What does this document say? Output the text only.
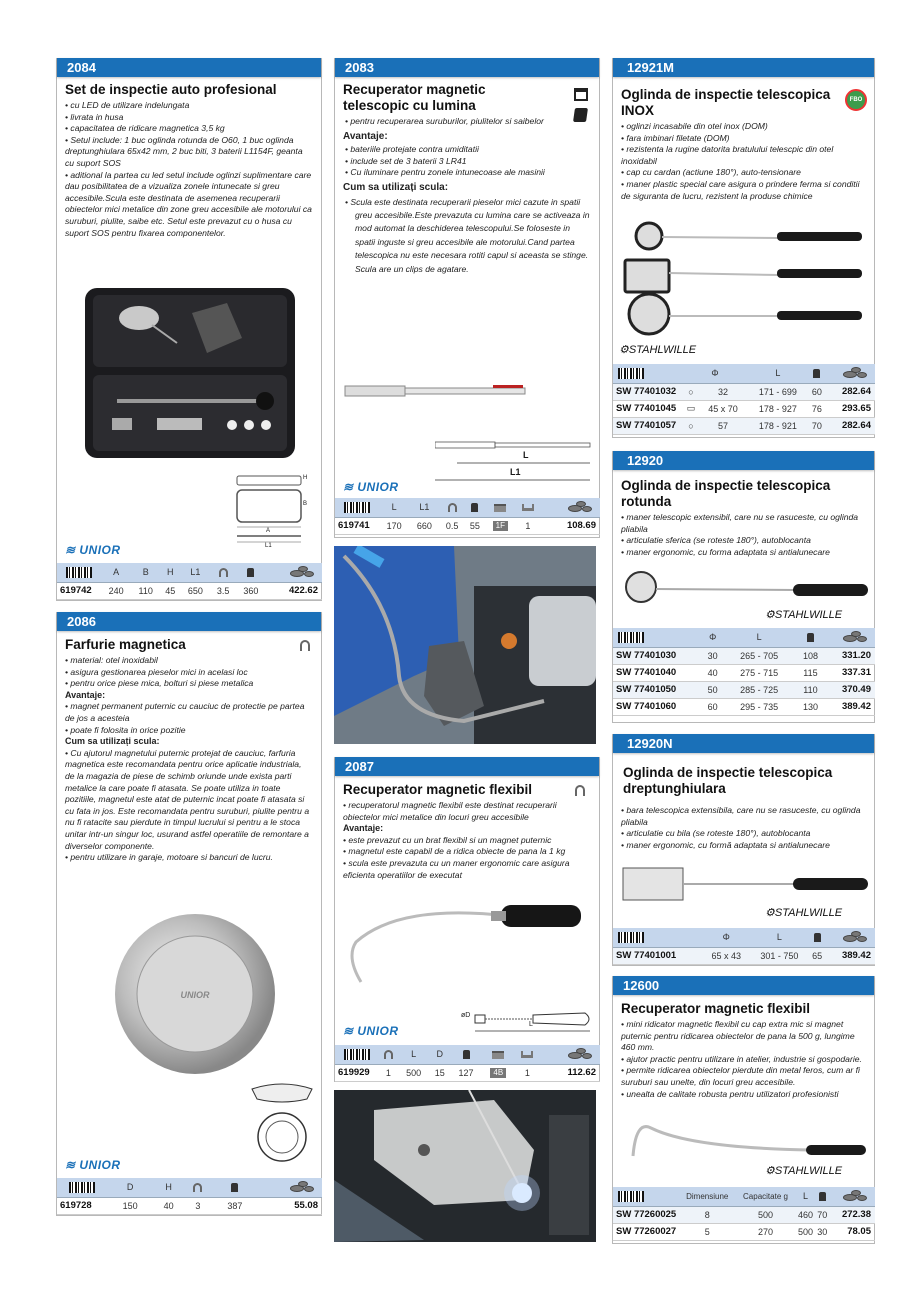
2084
Set de inspectie auto profesional
• cu LED de utilizare indelungata
• livrata in husa
• capacitatea de ridicare magnetica 3,5 kg
• Setul include: 1 buc oglinda rotunda de O60, 1 buc oglinda dreptunghiulara 65x42 mm, 2 buc biti, 3 baterii L1154F, geanta cu suport SOS
• aditional la partea cu led setul include oglinzi suplimentare care dau posibilitatea de a vizualiza zonele intunecate si greu accesibile.Scula este destinata de asemenea recuperarii obiectelor mici metalice din zone greu accesibile ale motorului ca suruburi, piulite, saibe etc. Setul este prevazut cu o husa cu suport SOS pentru fixarea componentelor.
H
B
A
L1
≋ UNIOR
	A	B	H	L1			

619742	240	110	45	650	3.5	360	422.62
2086
Farfurie magnetica
• material: otel inoxidabil
• asigura gestionarea pieselor mici in acelasi loc
• pentru orice piese mica, bolturi si piese metalica
Avantaje:
• magnet permanent puternic cu cauciuc de protectie pe partea de jos a acesteia
• poate fi folosita in orice pozitie
Cum sa utilizați scula:
• Cu ajutorul magnetului puternic protejat de cauciuc, farfuria magnetica este recomandata pentru orice aplicatie industriala, de la magazia de piese de schimb oriunde unde exista parti metalice la care poate fi atasata. Se poate utiliza in toate pozitiile, magnetul este atat de puternic incat poate fi atasata si cu fata in jos. Este recomandata pentru suruburi, piulite pentru a nu fi ratacite sau pierdute in timpul lucrului si pentru a le stoca unitar intr-un singur loc, usurand astfel operatiile de remontare a diverselor componente.
• pentru utilizare in garaje, motoare si bancuri de lucru.
UNIOR
≋ UNIOR
	D	H			

619728	150	40	3	387	55.08
2083
Recuperator magnetic telescopic cu lumina
• pentru recuperarea suruburilor, piulitelor si saibelor
Avantaje:
• bateriile protejate contra umiditatii
• include set de 3 baterii 3 LR41
• Cu iluminare pentru zonele intunecoase ale masinii
Cum sa utilizați scula:
• Scula este destinata recuperarii pieselor mici cazute in spatii greu accesibile.Este prevazuta cu lumina care se activeaza in mod automat la deschiderea telescopului.Se foloseste in spatii inguste si greu accesibile ale motorului.Cand partea telescopica nu este necesara rotiti capul si aceasta se stinge. Scula are un clips de agatare.
L
L1
≋ UNIOR
	L	L1					

619741	170	660	0.5	55	1F	1	108.69
2087
Recuperator magnetic flexibil
• recuperatorul magnetic flexibil este destinat recuperarii obiectelor mici metalice din locuri greu accesibile
Avantaje:
• este prevazut cu un brat flexibil si un magnet puternic
• magnetul este capabil de a ridica obiecte de pana la 1 kg
• scula este prevazuta cu un maner ergonomic care asigura eficienta operatiilor de executat
øD
L
≋ UNIOR
		L	D				

619929	1	500	15	127	4B	1	112.62
12921M
Oglinda de inspectie telescopica INOX
FBO
• oglinzi incasabile din otel inox (DOM)
• fara imbinari filetate (DOM)
• rezistenta la rugine datorita bratulului telescpic din otel inoxidabil
• cap cu cardan (actiune 180°), auto-tensionare
• maner plastic special care asigura o prindere ferma si conditii de siguranta de lucru, rezistent la produse chimice
⚙STAHLWILLE
	Φ		L		

SW 77401032	○	32	171 - 699	60	282.64
SW 77401045	▭	45 x 70	178 - 927	76	293.65
SW 77401057	○	57	178 - 921	70	282.64
12920
Oglinda de inspectie telescopica rotunda
• maner telescopic extensibil, care nu se rasuceste, cu oglinda pliabila
• articulatie sferica (se roteste 180°), autoblocanta
• maner ergonomic, cu forma adaptata si antialunecare
⚙STAHLWILLE
	Φ	L		

SW 77401030	30	265 - 705	108	331.20
SW 77401040	40	275 - 715	115	337.31
SW 77401050	50	285 - 725	110	370.49
SW 77401060	60	295 - 735	130	389.42
12920N
Oglinda de inspectie telescopica dreptunghiulara
• bara telescopica extensibila, care nu se rasuceste, cu oglinda pliabila
• articulatie cu bila (se roteste 180°), autoblocanta
• maner ergonomic, cu formă adaptata si antialunecare
⚙STAHLWILLE
	Φ	L		

SW 77401001	65 x 43	301 - 750	65	389.42
12600
Recuperator magnetic flexibil
• mini ridicator magnetic flexibil cu cap extra mic si magnet puternic pentru ridicarea obiectelor de pana la 500 g, lungime 460 mm.
• ajutor practic pentru utilizare in atelier, industrie si gospodarie.
• permite ridicarea obiectelor pierdute din metal feros, cum ar fi suruburi sau unelte, din locuri greu accesibile.
• unealta de calitate robusta pentru utilizatori profesionisti
⚙STAHLWILLE
	Dimensiune	Capacitate g	L		

SW 77260025	8	500	460	70	272.38
SW 77260027	5	270	500	30	78.05
